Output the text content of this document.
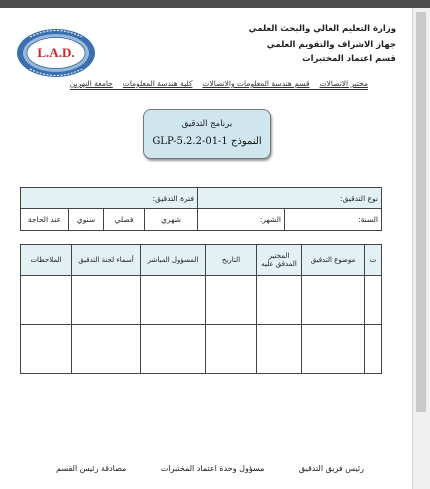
وزارة التعليم العالي والبحث العلمي
جهاز الاشراف والتقويم العلمي
قسم اعتماد المختبرات
L.A.D.
مختبر الاتصالات
قسم هندسة المعلومات والاتصالات
كلية هندسة المعلومات
جامعة النهرين
برنامج التدقيق
GLP-5.2.2-01-1 النموذج
نوع التدقيق:		فترة التدقيق:			
السنة:	الشهر:	شهري	فصلي	سنوي	عند الحاجة
ت	موضوع التدقيق	المختبر المدقق عليه	التاريخ	المسؤول المباشر	أسماء لجنة التدقيق	الملاحظات

رئيس فريق التدقيق
مسؤول وحدة اعتماد المختبرات
مصادقة رئيس القسم
